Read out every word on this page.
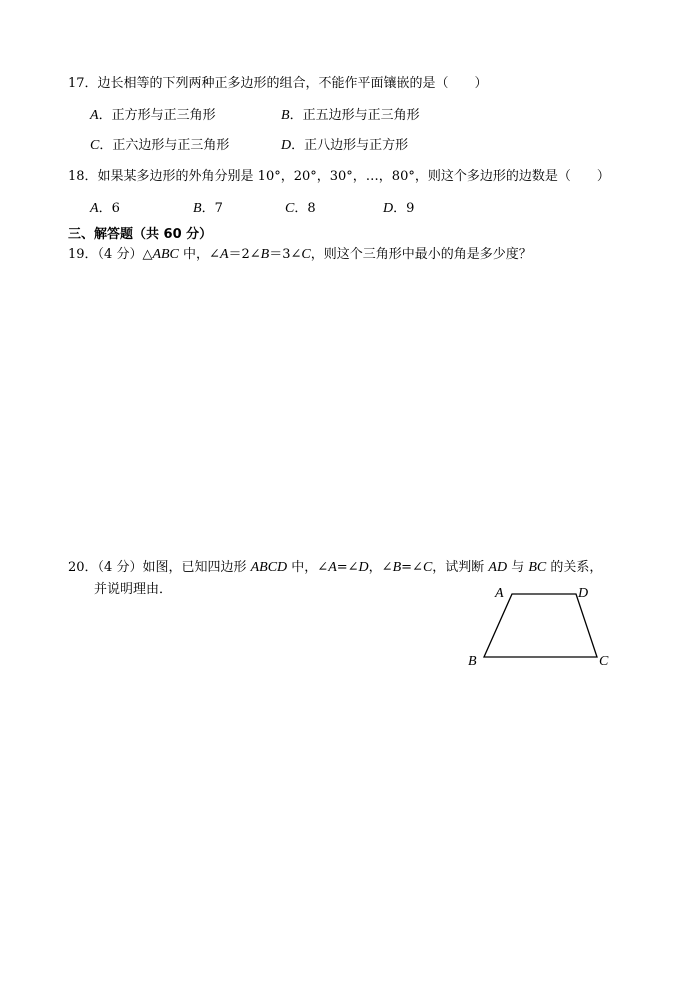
17．边长相等的下列两种正多边形的组合，不能作平面镶嵌的是（　　）
A．正方形与正三角形	B．正五边形与正三角形
C．正六边形与正三角形	D．正八边形与正方形
18．如果某多边形的外角分别是 10°，20°，30°，…，80°，则这个多边形的边数是（　　）
A．6	B．7	C．8	D．9
三、解答题（共 60 分）
19．（4 分）△ABC 中，∠A＝2∠B＝3∠C，则这个三角形中最小的角是多少度？
20．（4 分）如图，已知四边形 ABCD 中，∠A=∠D，∠B=∠C，试判断 AD 与 BC 的关系，
并说明理由．	A	D
B	C
